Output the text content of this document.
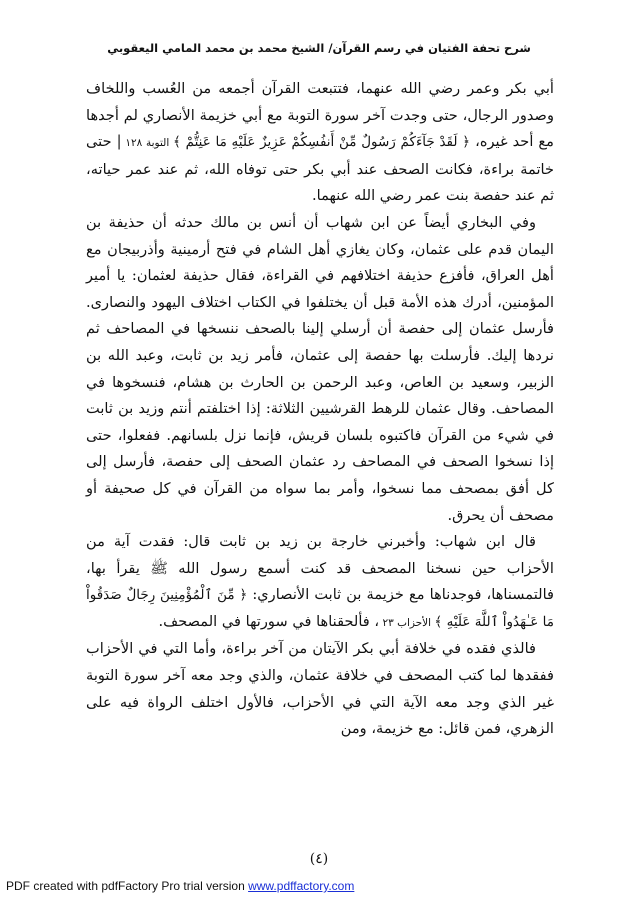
شرح تحفة الفتيان في رسم القرآن/ الشيخ محمد بن محمد المامي اليعقوبي

أبي بكر وعمر رضي الله عنهما، فتتبعت القرآن أجمعه من العُسب واللخاف وصدور الرجال، حتى وجدت آخر سورة التوبة مع أبي خزيمة الأنصاري لم أجدها مع أحد غيره، ﴿ لَقَدْ جَآءَكُمْ رَسُولٌ مِّنْ أَنفُسِكُمْ عَزِيزٌ عَلَيْهِ مَا عَنِتُّمْ ﴾ التوبة ١٢٨ | حتى خاتمة براءة، فكانت الصحف عند أبي بكر حتى توفاه الله، ثم عند عمر حياته، ثم عند حفصة بنت عمر رضي الله عنهما.

وفي البخاري أيضاً عن ابن شهاب أن أنس بن مالك حدثه أن حذيفة بن اليمان قدم على عثمان، وكان يغازي أهل الشام في فتح أرمينية وأذربيجان مع أهل العراق، فأفزع حذيفة اختلافهم في القراءة، فقال حذيفة لعثمان: يا أمير المؤمنين، أدرك هذه الأمة قبل أن يختلفوا في الكتاب اختلاف اليهود والنصارى. فأرسل عثمان إلى حفصة أن أرسلي إلينا بالصحف ننسخها في المصاحف ثم نردها إليك. فأرسلت بها حفصة إلى عثمان، فأمر زيد بن ثابت، وعبد الله بن الزبير، وسعيد بن العاص، وعبد الرحمن بن الحارث بن هشام، فنسخوها في المصاحف. وقال عثمان للرهط القرشيين الثلاثة: إذا اختلفتم أنتم وزيد بن ثابت في شيء من القرآن فاكتبوه بلسان قريش، فإنما نزل بلسانهم. ففعلوا، حتى إذا نسخوا الصحف في المصاحف رد عثمان الصحف إلى حفصة، فأرسل إلى كل أفق بمصحف مما نسخوا، وأمر بما سواه من القرآن في كل صحيفة أو مصحف أن يحرق.

قال ابن شهاب: وأخبرني خارجة بن زيد بن ثابت قال: فقدت آية من الأحزاب حين نسخنا المصحف قد كنت أسمع رسول الله ﷺ يقرأ بها، فالتمسناها، فوجدناها مع خزيمة بن ثابت الأنصاري: ﴿ مِّنَ ٱلْمُؤْمِنِينَ رِجَالٌ صَدَقُواْ مَا عَـٰهَدُواْ ٱللَّهَ عَلَيْهِ ﴾ الأحزاب ٢٣ ، فألحقناها في سورتها في المصحف.

فالذي فقده في خلافة أبي بكر الآيتان من آخر براءة، وأما التي في الأحزاب ففقدها لما كتب المصحف في خلافة عثمان، والذي وجد معه آخر سورة التوبة غير الذي وجد معه الآية التي في الأحزاب، فالأول اختلف الرواة فيه على الزهري، فمن قائل: مع خزيمة، ومن

(٤)
PDF created with pdfFactory Pro trial version www.pdffactory.com
